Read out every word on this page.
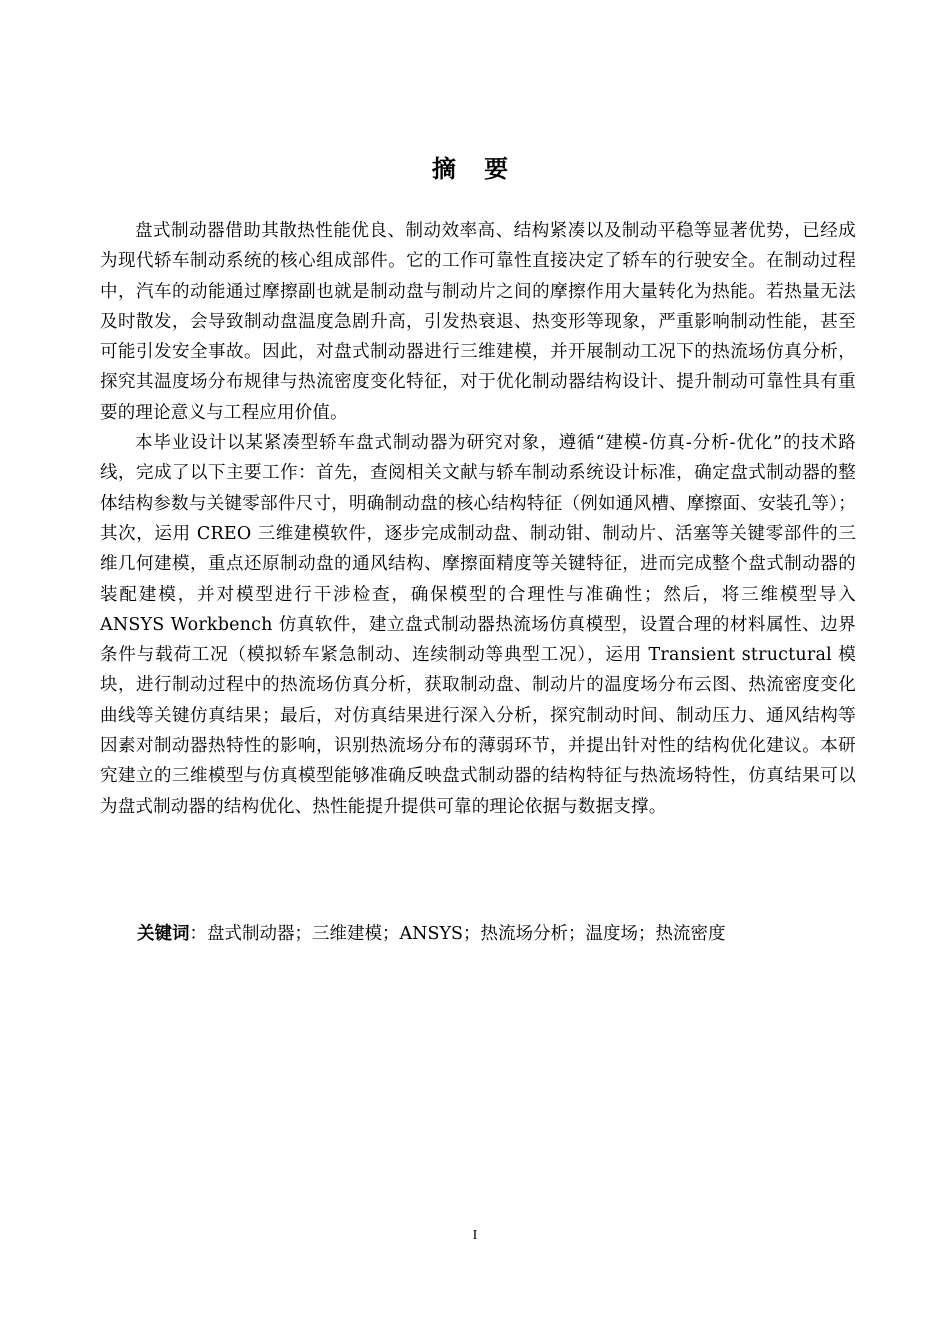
摘 要

盘式制动器借助其散热性能优良、制动效率高、结构紧凑以及制动平稳等显著优势，已经成为现代轿车制动系统的核心组成部件。它的工作可靠性直接决定了轿车的行驶安全。在制动过程中，汽车的动能通过摩擦副也就是制动盘与制动片之间的摩擦作用大量转化为热能。若热量无法及时散发，会导致制动盘温度急剧升高，引发热衰退、热变形等现象，严重影响制动性能，甚至可能引发安全事故。因此，对盘式制动器进行三维建模，并开展制动工况下的热流场仿真分析，探究其温度场分布规律与热流密度变化特征，对于优化制动器结构设计、提升制动可靠性具有重要的理论意义与工程应用价值。

本毕业设计以某紧凑型轿车盘式制动器为研究对象，遵循“建模-仿真-分析-优化”的技术路线，完成了以下主要工作：首先，查阅相关文献与轿车制动系统设计标准，确定盘式制动器的整体结构参数与关键零部件尺寸，明确制动盘的核心结构特征（例如通风槽、摩擦面、安装孔等）；其次，运用 CREO 三维建模软件，逐步完成制动盘、制动钳、制动片、活塞等关键零部件的三维几何建模，重点还原制动盘的通风结构、摩擦面精度等关键特征，进而完成整个盘式制动器的装配建模，并对模型进行干涉检查，确保模型的合理性与准确性；然后，将三维模型导入 ANSYS Workbench 仿真软件，建立盘式制动器热流场仿真模型，设置合理的材料属性、边界条件与载荷工况（模拟轿车紧急制动、连续制动等典型工况），运用 Transient structural 模块，进行制动过程中的热流场仿真分析，获取制动盘、制动片的温度场分布云图、热流密度变化曲线等关键仿真结果；最后，对仿真结果进行深入分析，探究制动时间、制动压力、通风结构等因素对制动器热特性的影响，识别热流场分布的薄弱环节，并提出针对性的结构优化建议。本研究建立的三维模型与仿真模型能够准确反映盘式制动器的结构特征与热流场特性，仿真结果可以为盘式制动器的结构优化、热性能提升提供可靠的理论依据与数据支撑。

关键词：盘式制动器；三维建模；ANSYS；热流场分析；温度场；热流密度
I
